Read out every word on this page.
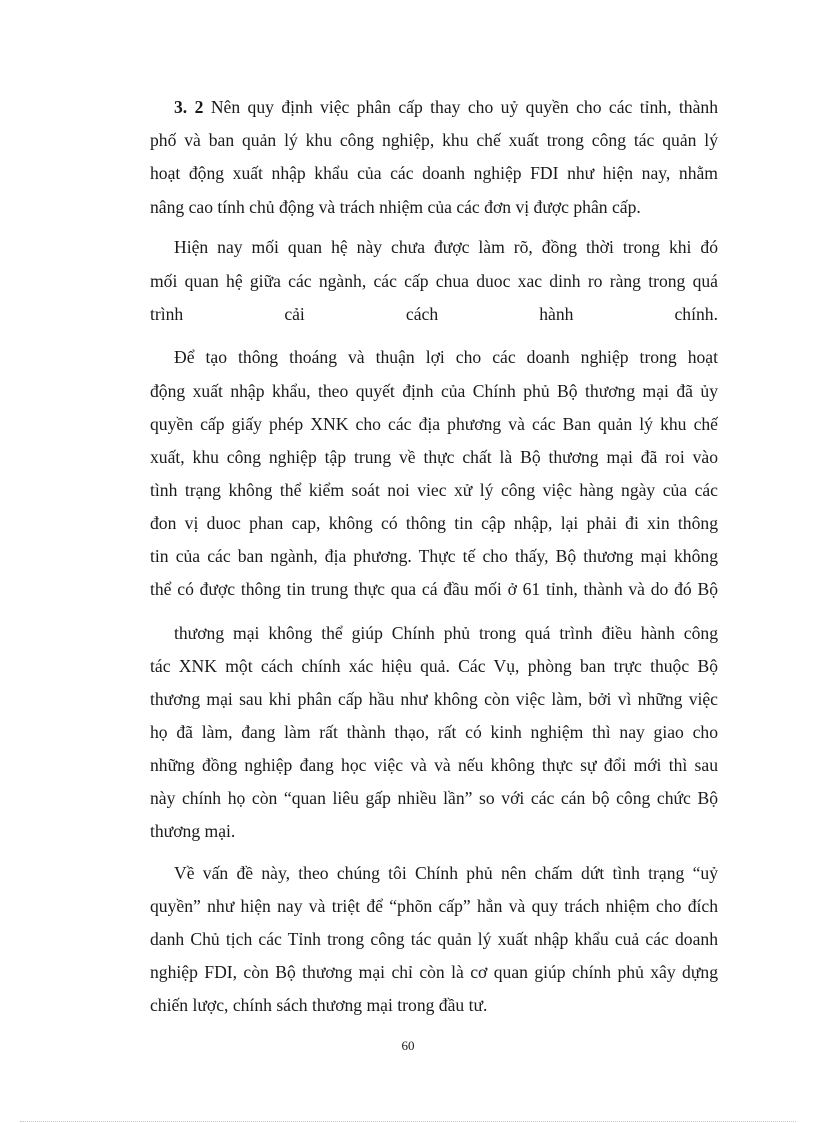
3. 2 Nên quy định việc phân cấp thay cho uỷ quyền cho các tỉnh, thành
phố và ban quản lý khu công nghiệp, khu chế xuất trong công tác quản lý
hoạt động xuất nhập khẩu của các doanh nghiệp FDI như hiện nay, nhằm
nâng cao tính chủ động và trách nhiệm của các đơn vị được phân cấp.
Hiện nay mối quan hệ này chưa được làm rõ, đồng thời trong khi đó
mối quan hệ giữa các ngành, các cấp chua duoc xac dinh ro ràng trong quá
trình	cải	cách	hành	chính.
Để tạo thông thoáng và thuận lợi cho các doanh nghiệp trong hoạt
động xuất nhập khẩu, theo quyết định của Chính phủ Bộ thương mại đã ủy
quyền cấp giấy phép XNK cho các địa phương và các Ban quản lý khu chế
xuất, khu công nghiệp tập trung về thực chất là Bộ thương mại đã roi vào
tình trạng không thể kiểm soát noi viec xử lý công việc hàng ngày của các
đon vị duoc phan cap, không có thông tin cập nhập, lại phải đi xin thông
tin của các ban ngành, địa phương. Thực tế cho thấy, Bộ thương mại không
thể có được thông tin trung thực qua cá đầu mối ở 61 tỉnh, thành và do đó Bộ
thương mại không thể giúp Chính phủ trong quá trình điều hành công
tác XNK một cách chính xác hiệu quả. Các Vụ, phòng ban trực thuộc Bộ
thương mại sau khi phân cấp hầu như không còn việc làm, bởi vì những việc
họ đã làm, đang làm rất thành thạo, rất có kinh nghiệm thì nay giao cho
những đồng nghiệp đang học việc và và nếu không thực sự đổi mới thì sau
này chính họ còn “quan liêu gấp nhiều lần” so với các cán bộ công chức Bộ
thương mại.
Về vấn đề này, theo chúng tôi Chính phủ nên chấm dứt tình trạng “uỷ
quyền” như hiện nay và triệt để “phõn cấp” hẳn và quy trách nhiệm cho đích
danh Chủ tịch các Tỉnh trong công tác quản lý xuất nhập khẩu cuả các doanh
nghiệp FDI, còn Bộ thương mại chỉ còn là cơ quan giúp chính phủ xây dựng
chiến lược, chính sách thương mại trong đầu tư.
60
